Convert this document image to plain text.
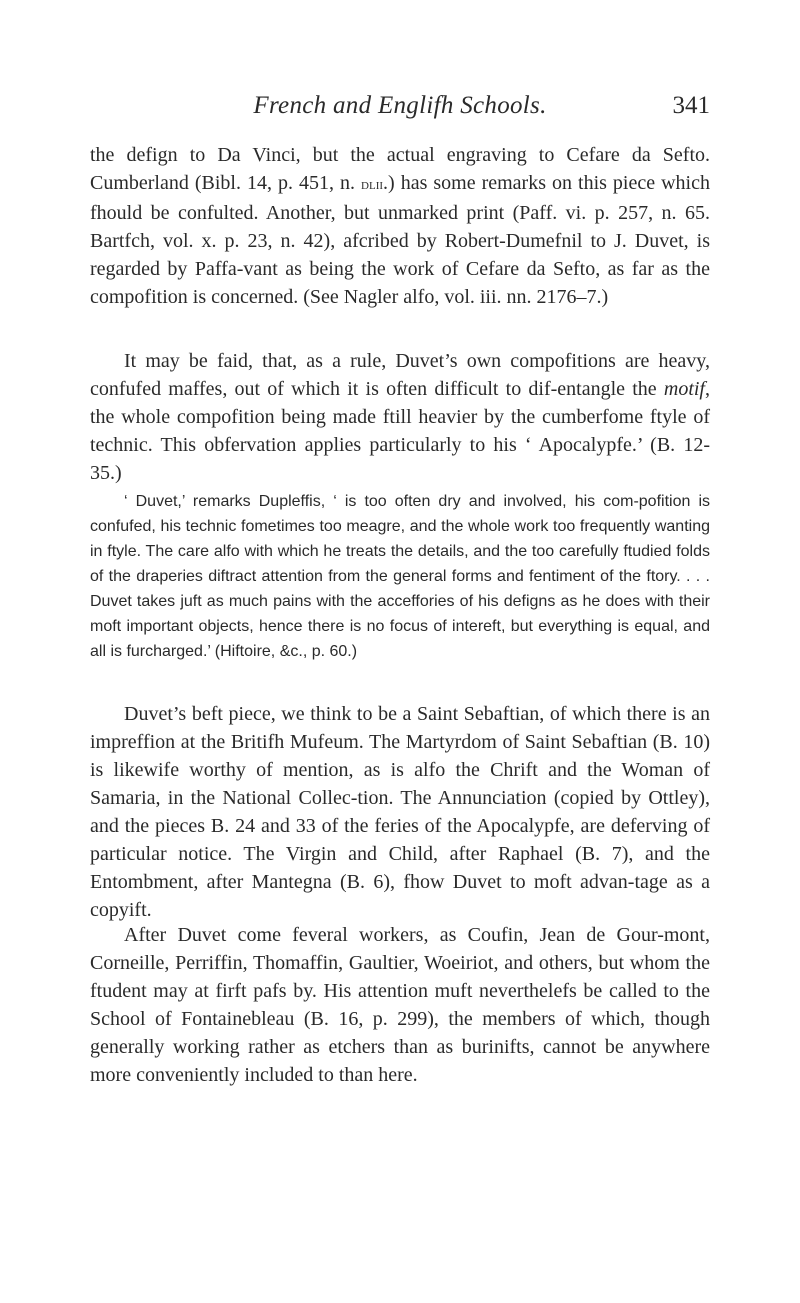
French and Englifh Schools.	341

the defign to Da Vinci, but the actual engraving to Cefare da Sefto. Cumberland (Bibl. 14, p. 451, n. dlii.) has some remarks on this piece which fhould be confulted. Another, but unmarked print (Paff. vi. p. 257, n. 65. Bartfch, vol. x. p. 23, n. 42), afcribed by Robert-Dumefnil to J. Duvet, is regarded by Paffa-vant as being the work of Cefare da Sefto, as far as the compofition is concerned. (See Nagler alfo, vol. iii. nn. 2176–7.)

It may be faid, that, as a rule, Duvet’s own compofitions are heavy, confufed maffes, out of which it is often difficult to dif-entangle the motif, the whole compofition being made ftill heavier by the cumberfome ftyle of technic. This obfervation applies particularly to his ‘ Apocalypfe.’ (B. 12-35.)

‘ Duvet,’ remarks Dupleffis, ‘ is too often dry and involved, his com-pofition is confufed, his technic fometimes too meagre, and the whole work too frequently wanting in ftyle. The care alfo with which he treats the details, and the too carefully ftudied folds of the draperies diftract attention from the general forms and fentiment of the ftory. . . . Duvet takes juft as much pains with the acceffories of his defigns as he does with their moft important objects, hence there is no focus of intereft, but everything is equal, and all is furcharged.’ (Hiftoire, &c., p. 60.)

Duvet’s beft piece, we think to be a Saint Sebaftian, of which there is an impreffion at the Britifh Mufeum. The Martyrdom of Saint Sebaftian (B. 10) is likewife worthy of mention, as is alfo the Chrift and the Woman of Samaria, in the National Collec-tion. The Annunciation (copied by Ottley), and the pieces B. 24 and 33 of the feries of the Apocalypfe, are deferving of particular notice. The Virgin and Child, after Raphael (B. 7), and the Entombment, after Mantegna (B. 6), fhow Duvet to moft advan-tage as a copyift.

After Duvet come feveral workers, as Coufin, Jean de Gour-mont, Corneille, Perriffin, Thomaffin, Gaultier, Woeiriot, and others, but whom the ftudent may at firft pafs by. His attention muft neverthelefs be called to the School of Fontainebleau (B. 16, p. 299), the members of which, though generally working rather as etchers than as burinifts, cannot be anywhere more conveniently included to than here.
